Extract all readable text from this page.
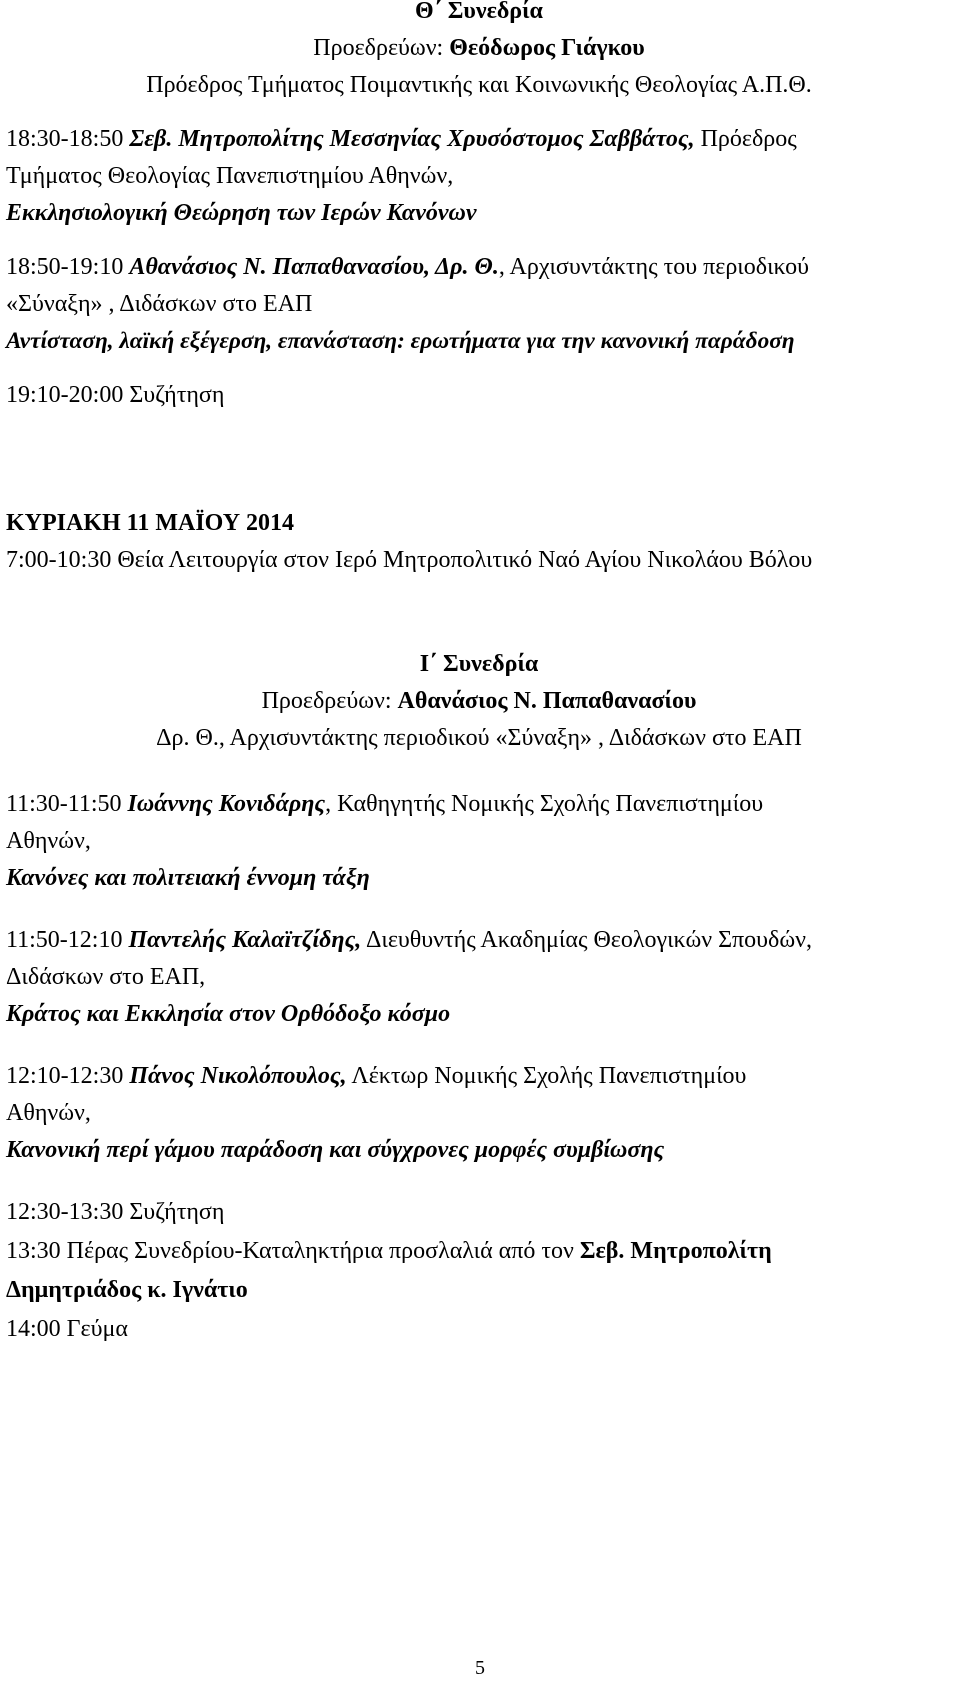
Θ΄ Συνεδρία
Προεδρεύων: Θεόδωρος Γιάγκου
Πρόεδρος Τμήματος Ποιμαντικής και Κοινωνικής Θεολογίας Α.Π.Θ.
18:30-18:50 Σεβ. Μητροπολίτης Μεσσηνίας Χρυσόστομος Σαββάτος, Πρόεδρος
Τμήματος Θεολογίας Πανεπιστημίου Αθηνών,
Εκκλησιολογική Θεώρηση των Ιερών Κανόνων
18:50-19:10 Αθανάσιος Ν. Παπαθανασίου, Δρ. Θ., Αρχισυντάκτης του περιοδικού
«Σύναξη» , Διδάσκων στο ΕΑΠ
Αντίσταση, λαϊκή εξέγερση, επανάσταση: ερωτήματα για την κανονική παράδοση
19:10-20:00 Συζήτηση
ΚΥΡΙΑΚΗ 11 ΜΑΪΟΥ 2014
7:00-10:30 Θεία Λειτουργία στον Ιερό Μητροπολιτικό Ναό Αγίου Νικολάου Βόλου
Ι΄ Συνεδρία
Προεδρεύων: Αθανάσιος Ν. Παπαθανασίου
Δρ. Θ., Αρχισυντάκτης περιοδικού «Σύναξη» , Διδάσκων στο ΕΑΠ
11:30-11:50 Ιωάννης Κονιδάρης, Καθηγητής Νομικής Σχολής Πανεπιστημίου
Αθηνών,
Κανόνες και πολιτειακή έννομη τάξη
11:50-12:10 Παντελής Καλαϊτζίδης, Διευθυντής Ακαδημίας Θεολογικών Σπουδών,
Διδάσκων στο ΕΑΠ,
Κράτος και Εκκλησία στον Ορθόδοξο κόσμο
12:10-12:30 Πάνος Νικολόπουλος, Λέκτωρ Νομικής Σχολής Πανεπιστημίου
Αθηνών,
Κανονική περί γάμου παράδοση και σύγχρονες μορφές συμβίωσης
12:30-13:30 Συζήτηση
13:30 Πέρας Συνεδρίου-Καταληκτήρια προσλαλιά από τον Σεβ. Μητροπολίτη
Δημητριάδος κ. Ιγνάτιο
14:00 Γεύμα
5
